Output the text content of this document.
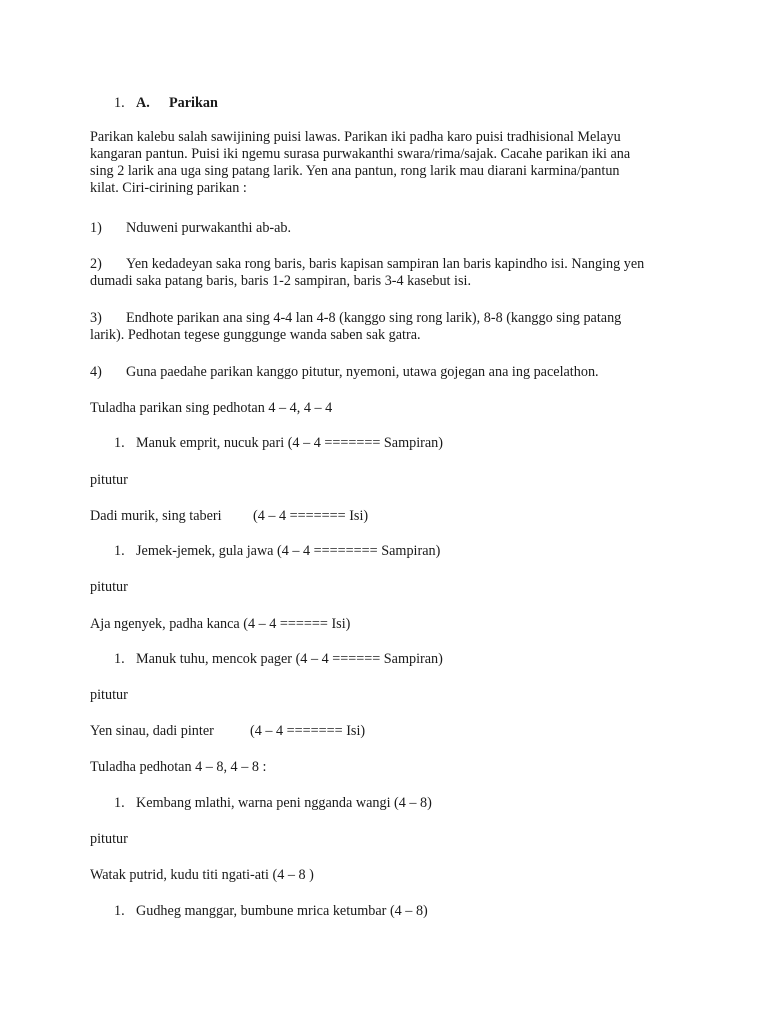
1. A. Parikan
Parikan kalebu salah sawijining puisi lawas. Parikan iki padha karo puisi tradhisional Melayu
kangaran pantun. Puisi iki ngemu surasa purwakanthi swara/rima/sajak. Cacahe parikan iki ana
sing 2 larik ana uga sing patang larik. Yen ana pantun, rong larik mau diarani karmina/pantun
kilat. Ciri-cirining parikan :
1) Nduweni purwakanthi ab-ab.
2) Yen kedadeyan saka rong baris, baris kapisan sampiran lan baris kapindho isi. Nanging yen
dumadi saka patang baris, baris 1-2 sampiran, baris 3-4 kasebut isi.
3) Endhote parikan ana sing 4-4 lan 4-8 (kanggo sing rong larik), 8-8 (kanggo sing patang
larik). Pedhotan tegese gunggunge wanda saben sak gatra.
4) Guna paedahe parikan kanggo pitutur, nyemoni, utawa gojegan ana ing pacelathon.
Tuladha parikan sing pedhotan 4 – 4, 4 – 4
1. Manuk emprit, nucuk pari (4 – 4 ======= Sampiran)
pitutur
Dadi murik, sing taberi (4 – 4 ======= Isi)
1. Jemek-jemek, gula jawa (4 – 4 ======== Sampiran)
pitutur
Aja ngenyek, padha kanca (4 – 4 ====== Isi)
1. Manuk tuhu, mencok pager (4 – 4 ====== Sampiran)
pitutur
Yen sinau, dadi pinter	(4 – 4 ======= Isi)
Tuladha pedhotan 4 – 8, 4 – 8 :
1. Kembang mlathi, warna peni ngganda wangi (4 – 8)
pitutur
Watak putrid, kudu titi ngati-ati (4 – 8 )
1. Gudheg manggar, bumbune mrica ketumbar (4 – 8)
